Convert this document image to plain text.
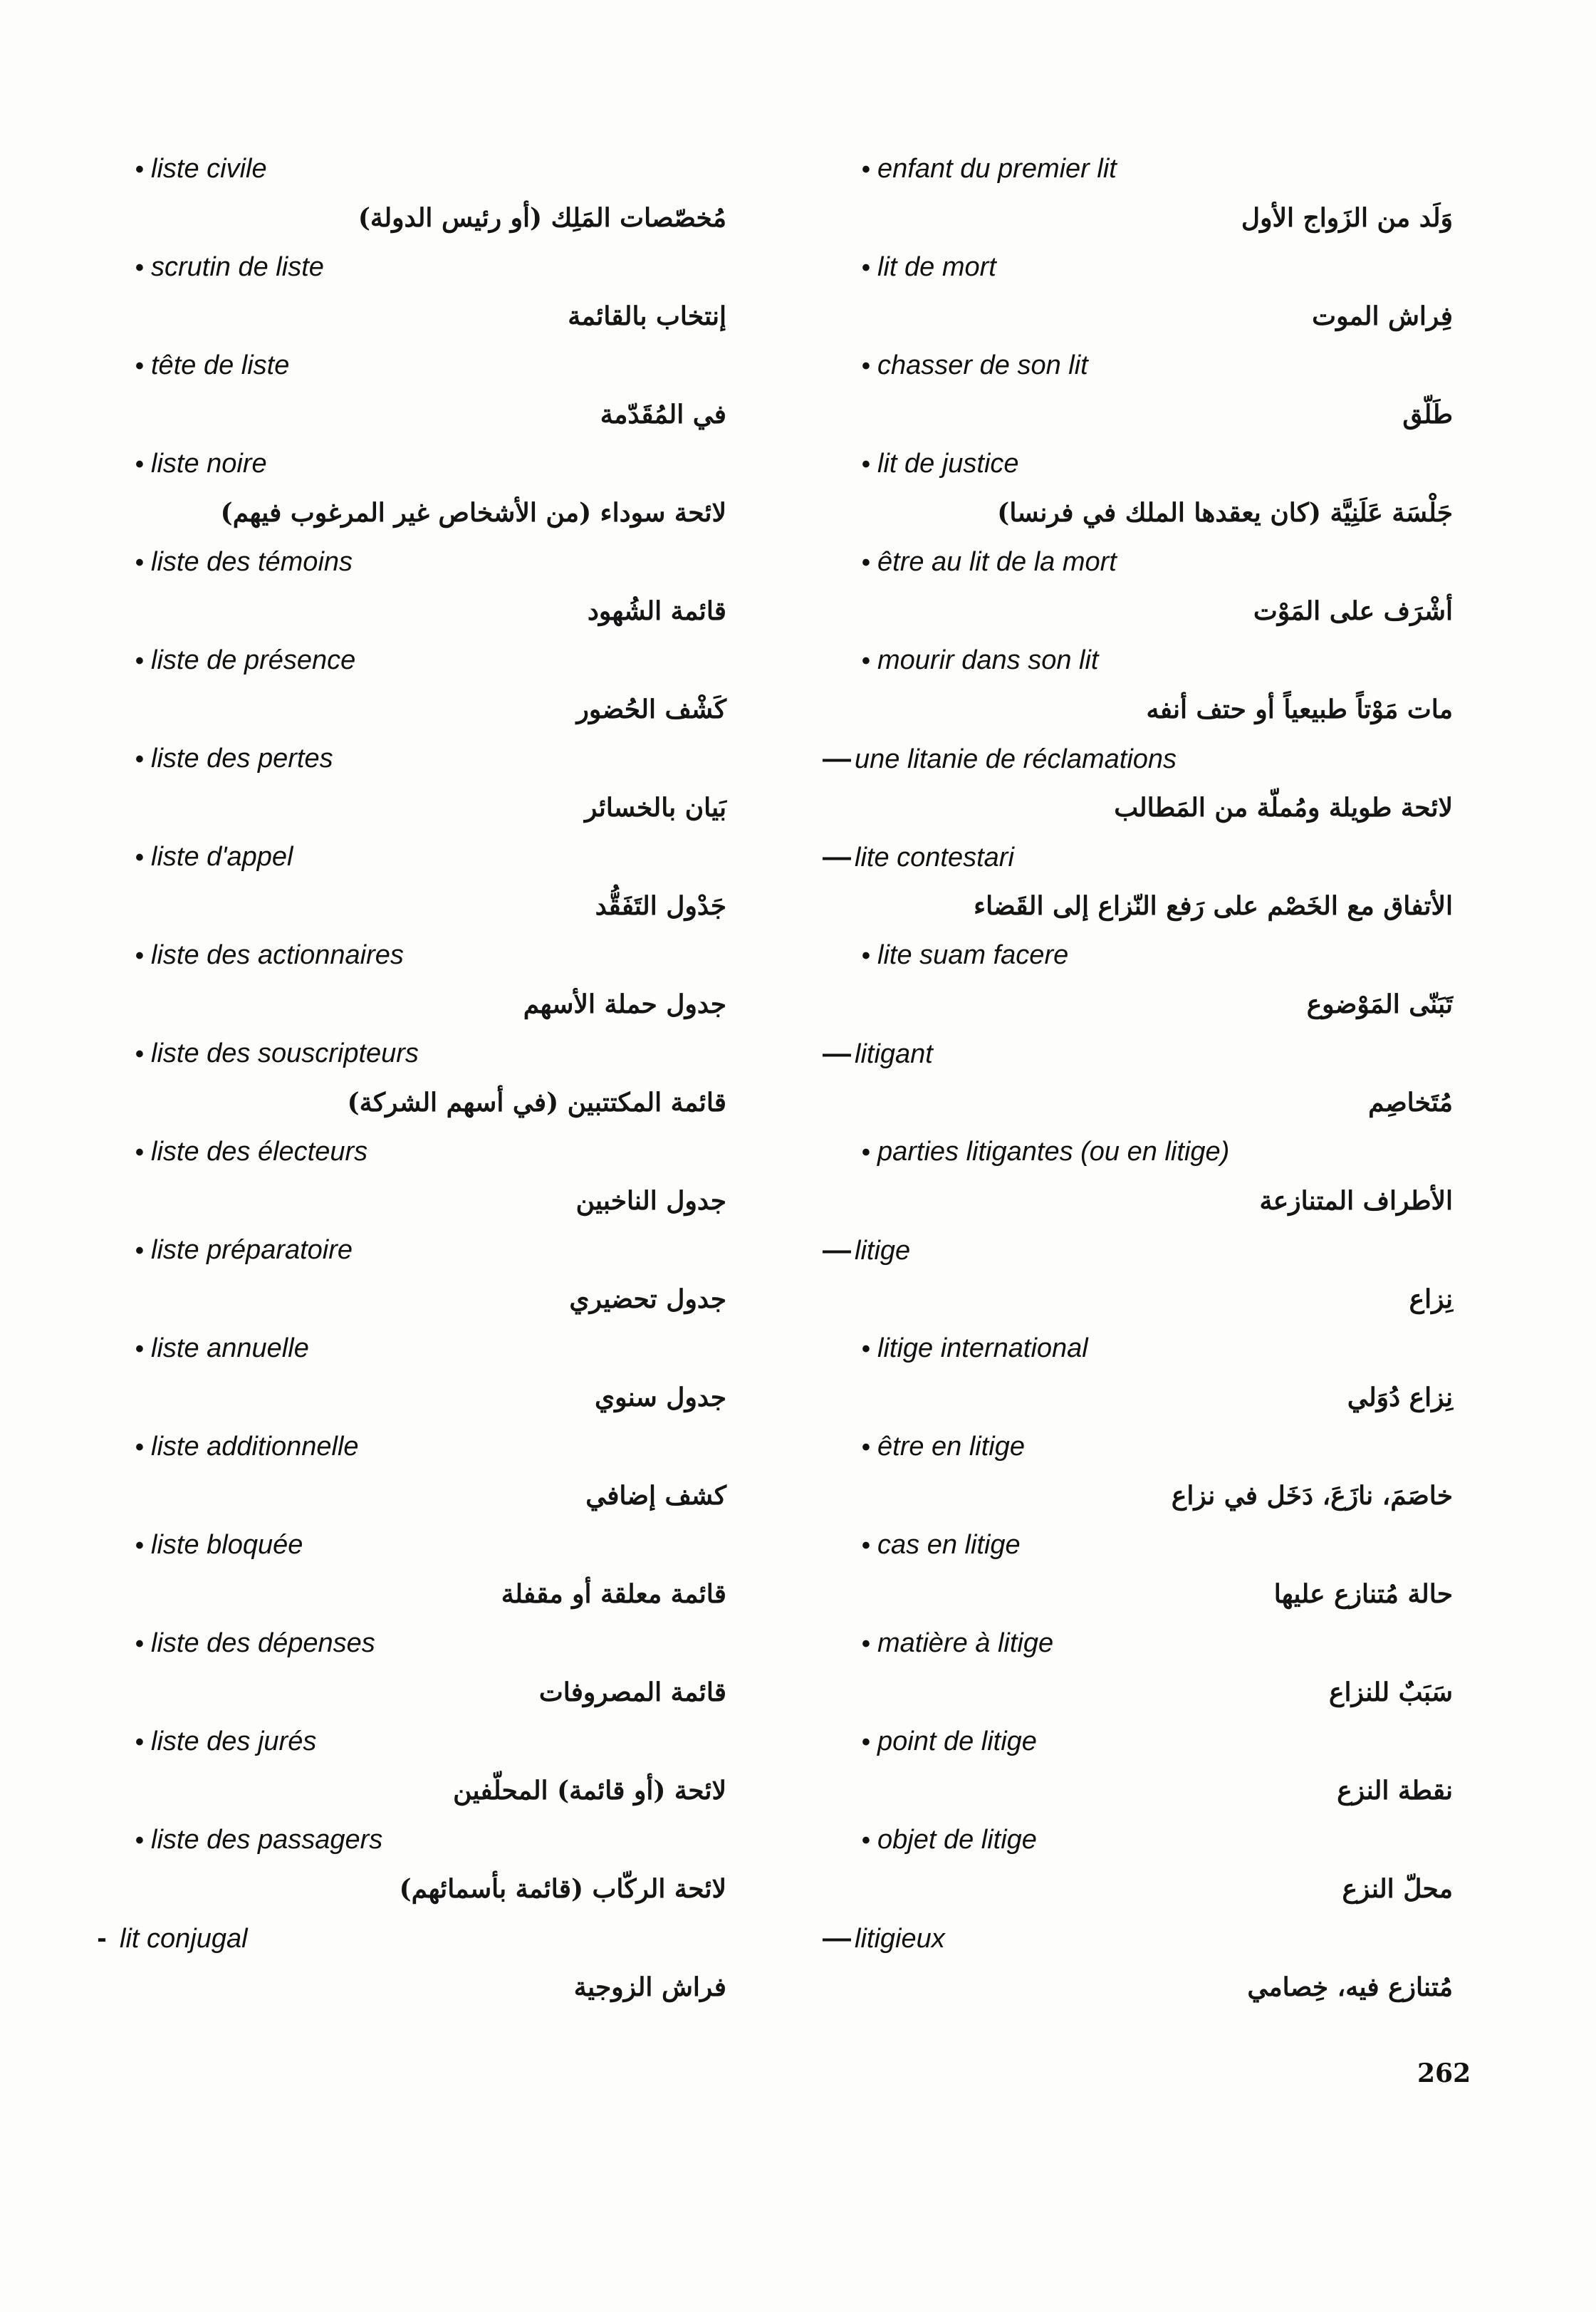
• liste civile
مُخصّصات المَلِك (أو رئيس الدولة)
• scrutin de liste
إنتخاب بالقائمة
• tête de liste
في المُقَدّمة
• liste noire
لائحة سوداء (من الأشخاص غير المرغوب فيهم)
• liste des témoins
قائمة الشُهود
• liste de présence
كَشْف الحُضور
• liste des pertes
بَيان بالخسائر
• liste d'appel
جَدْول التَفَقُّد
• liste des actionnaires
جدول حملة الأسهم
• liste des souscripteurs
قائمة المكتتبين (في أسهم الشركة)
• liste des électeurs
جدول الناخبين
• liste préparatoire
جدول تحضيري
• liste annuelle
جدول سنوي
• liste additionnelle
كشف إضافي
• liste bloquée
قائمة معلقة أو مقفلة
• liste des dépenses
قائمة المصروفات
• liste des jurés
لائحة (أو قائمة) المحلّفين
• liste des passagers
لائحة الركّاب (قائمة بأسمائهم)
- lit conjugal
فراش الزوجية
• enfant du premier lit
وَلَد من الزَواج الأول
• lit de mort
فِراش الموت
• chasser de son lit
طَلّق
• lit de justice
جَلْسَة عَلَنِيَّة (كان يعقدها الملك في فرنسا)
• être au lit de la mort
أشْرَف على المَوْت
• mourir dans son lit
مات مَوْتاً طبيعياً أو حتف أنفه
— une litanie de réclamations
لائحة طويلة ومُملّة من المَطالب
— lite contestari
الأتفاق مع الخَصْم على رَفع النّزاع إلى القَضاء
• lite suam facere
تَبَنّى المَوْضوع
— litigant
مُتَخاصِم
• parties litigantes (ou en litige)
الأطراف المتنازعة
— litige
نِزاع
• litige international
نِزاع دُوَلي
• être en litige
خاصَمَ، نازَعَ، دَخَل في نزاع
• cas en litige
حالة مُتنازع عليها
• matière à litige
سَبَبٌ للنزاع
• point de litige
نقطة النزع
• objet de litige
محلّ النزع
— litigieux
مُتنازع فيه، خِصامي
262
